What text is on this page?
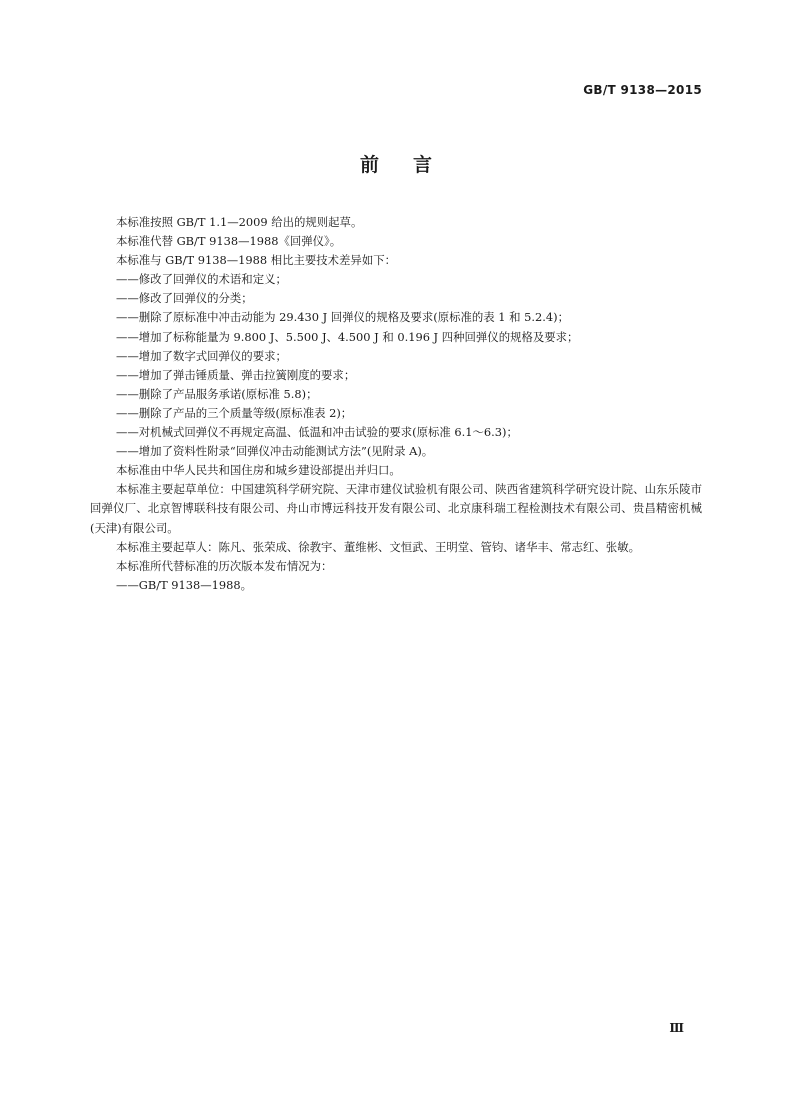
GB/T 9138—2015
前言

本标准按照 GB/T 1.1—2009 给出的规则起草。

本标准代替 GB/T 9138—1988《回弹仪》。

本标准与 GB/T 9138—1988 相比主要技术差异如下：

——修改了回弹仪的术语和定义；

——修改了回弹仪的分类；

——删除了原标准中冲击动能为 29.430 J 回弹仪的规格及要求(原标准的表 1 和 5.2.4)；

——增加了标称能量为 9.800 J、5.500 J、4.500 J 和 0.196 J 四种回弹仪的规格及要求；

——增加了数字式回弹仪的要求；

——增加了弹击锤质量、弹击拉簧刚度的要求；

——删除了产品服务承诺(原标准 5.8)；

——删除了产品的三个质量等级(原标准表 2)；

——对机械式回弹仪不再规定高温、低温和冲击试验的要求(原标准 6.1～6.3)；

——增加了资料性附录“回弹仪冲击动能测试方法”(见附录 A)。

本标准由中华人民共和国住房和城乡建设部提出并归口。

本标准主要起草单位：中国建筑科学研究院、天津市建仪试验机有限公司、陕西省建筑科学研究设计院、山东乐陵市回弹仪厂、北京智博联科技有限公司、舟山市博远科技开发有限公司、北京康科瑞工程检测技术有限公司、贵昌精密机械(天津)有限公司。

本标准主要起草人：陈凡、张荣成、徐教宇、董维彬、文恒武、王明堂、管钧、诸华丰、常志红、张敏。

本标准所代替标准的历次版本发布情况为：

——GB/T 9138—1988。

Ⅲ
